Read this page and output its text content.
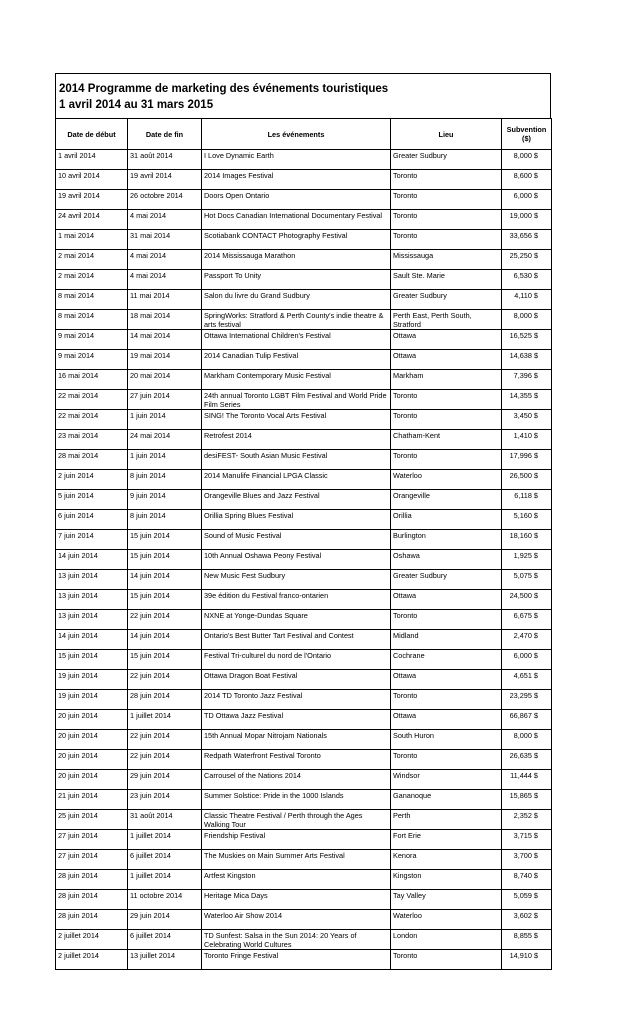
2014 Programme de marketing des événements touristiques
1 avril 2014 au 31 mars 2015
Date de début	Date de fin	Les événements	Lieu	Subvention ($)
1 avril 2014	31 août 2014	I Love Dynamic Earth	Greater Sudbury	8,000 $
10 avril 2014	19 avril 2014	2014 Images Festival	Toronto	8,600 $
19 avril 2014	26 octobre 2014	Doors Open Ontario	Toronto	6,000 $
24 avril 2014	4 mai 2014	Hot Docs Canadian International Documentary Festival	Toronto	19,000 $
1 mai 2014	31 mai 2014	Scotiabank CONTACT Photography Festival	Toronto	33,656 $
2 mai 2014	4 mai 2014	2014 Mississauga Marathon	Mississauga	25,250 $
2 mai 2014	4 mai 2014	Passport To Unity	Sault Ste. Marie	6,530 $
8 mai 2014	11 mai 2014	Salon du livre du Grand Sudbury	Greater Sudbury	4,110 $
8 mai 2014	18 mai 2014	SpringWorks: Stratford & Perth County's indie theatre & arts festival	Perth East, Perth South, Stratford	8,000 $
9 mai 2014	14 mai 2014	Ottawa International Children's Festival	Ottawa	16,525 $
9 mai 2014	19 mai 2014	2014 Canadian Tulip Festival	Ottawa	14,638 $
16 mai 2014	20 mai 2014	Markham Contemporary Music Festival	Markham	7,396 $
22 mai 2014	27 juin 2014	24th annual Toronto LGBT Film Festival and World Pride Film Series	Toronto	14,355 $
22 mai 2014	1 juin 2014	SING! The Toronto Vocal Arts Festival	Toronto	3,450 $
23 mai 2014	24 mai 2014	Retrofest 2014	Chatham-Kent	1,410 $
28 mai 2014	1 juin 2014	desiFEST- South Asian Music Festival	Toronto	17,996 $
2 juin 2014	8 juin 2014	2014 Manulife Financial LPGA Classic	Waterloo	26,500 $
5 juin 2014	9 juin 2014	Orangeville Blues and Jazz Festival	Orangeville	6,118 $
6 juin 2014	8 juin 2014	Orillia Spring Blues Festival	Orillia	5,160 $
7 juin 2014	15 juin 2014	Sound of Music Festival	Burlington	18,160 $
14 juin 2014	15 juin 2014	10th Annual Oshawa Peony Festival	Oshawa	1,925 $
13 juin 2014	14 juin 2014	New Music Fest Sudbury	Greater Sudbury	5,075 $
13 juin 2014	15 juin 2014	39e édition du Festival franco-ontarien	Ottawa	24,500 $
13 juin 2014	22 juin 2014	NXNE at Yonge-Dundas Square	Toronto	6,675 $
14 juin 2014	14 juin 2014	Ontario's Best Butter Tart Festival and Contest	Midland	2,470 $
15 juin 2014	15 juin 2014	Festival Tri-culturel du nord de l'Ontario	Cochrane	6,000 $
19 juin 2014	22 juin 2014	Ottawa Dragon Boat Festival	Ottawa	4,651 $
19 juin 2014	28 juin 2014	2014 TD Toronto Jazz Festival	Toronto	23,295 $
20 juin 2014	1 juillet 2014	TD Ottawa Jazz Festival	Ottawa	66,867 $
20 juin 2014	22 juin 2014	15th Annual Mopar Nitrojam Nationals	South Huron	8,000 $
20 juin 2014	22 juin 2014	Redpath Waterfront Festival Toronto	Toronto	26,635 $
20 juin 2014	29 juin 2014	Carrousel of the Nations 2014	Windsor	11,444 $
21 juin 2014	23 juin 2014	Summer Solstice: Pride in the 1000 Islands	Gananoque	15,865 $
25 juin 2014	31 août 2014	Classic Theatre Festival / Perth through the Ages Walking Tour	Perth	2,352 $
27 juin 2014	1 juillet 2014	Friendship Festival	Fort Erie	3,715 $
27 juin 2014	6 juillet 2014	The Muskies on Main Summer Arts Festival	Kenora	3,700 $
28 juin 2014	1 juillet 2014	Artfest Kingston	Kingston	8,740 $
28 juin 2014	11 octobre 2014	Heritage Mica Days	Tay Valley	5,059 $
28 juin 2014	29 juin 2014	Waterloo Air Show 2014	Waterloo	3,602 $
2 juillet 2014	6 juillet 2014	TD Sunfest: Salsa in the Sun 2014: 20 Years of Celebrating World Cultures	London	8,855 $
2 juillet 2014	13 juillet 2014	Toronto Fringe Festival	Toronto	14,910 $
